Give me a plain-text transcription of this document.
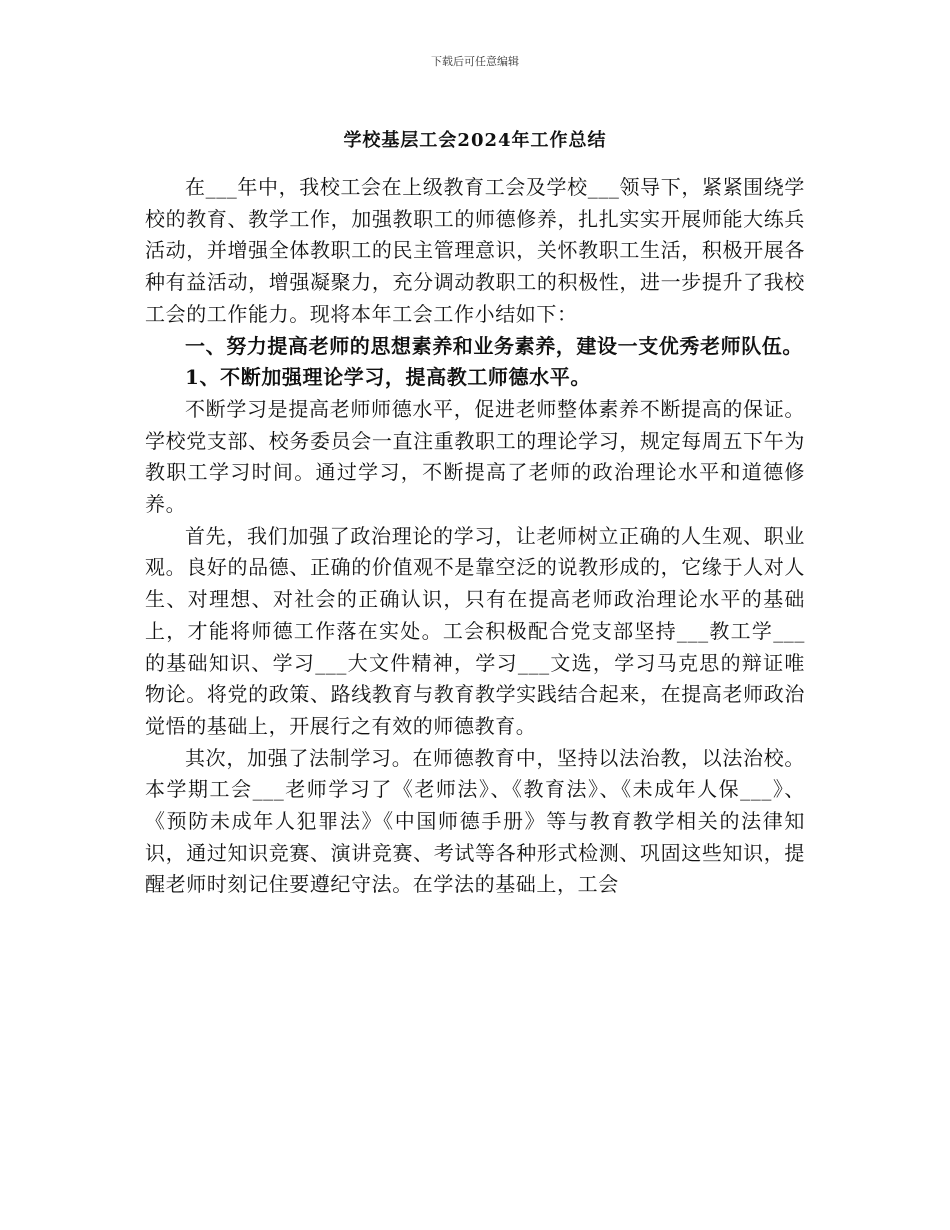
下载后可任意编辑
学校基层工会2024年工作总结

在___年中，我校工会在上级教育工会及学校___领导下，紧紧围绕学校的教育、教学工作，加强教职工的师德修养，扎扎实实开展师能大练兵活动，并增强全体教职工的民主管理意识，关怀教职工生活，积极开展各种有益活动，增强凝聚力，充分调动教职工的积极性，进一步提升了我校工会的工作能力。现将本年工会工作小结如下：

一、努力提高老师的思想素养和业务素养，建设一支优秀老师队伍。

1、不断加强理论学习，提高教工师德水平。

不断学习是提高老师师德水平，促进老师整体素养不断提高的保证。学校党支部、校务委员会一直注重教职工的理论学习，规定每周五下午为教职工学习时间。通过学习，不断提高了老师的政治理论水平和道德修养。

首先，我们加强了政治理论的学习，让老师树立正确的人生观、职业观。良好的品德、正确的价值观不是靠空泛的说教形成的，它缘于人对人生、对理想、对社会的正确认识，只有在提高老师政治理论水平的基础上，才能将师德工作落在实处。工会积极配合党支部坚持___教工学___的基础知识、学习___大文件精神，学习___文选，学习马克思的辩证唯物论。将党的政策、路线教育与教育教学实践结合起来，在提高老师政治觉悟的基础上，开展行之有效的师德教育。

其次，加强了法制学习。在师德教育中，坚持以法治教，以法治校。本学期工会___老师学习了《老师法》、《教育法》、《未成年人保___》、《预防未成年人犯罪法》《中国师德手册》等与教育教学相关的法律知识，通过知识竞赛、演讲竞赛、考试等各种形式检测、巩固这些知识，提醒老师时刻记住要遵纪守法。在学法的基础上，工会
